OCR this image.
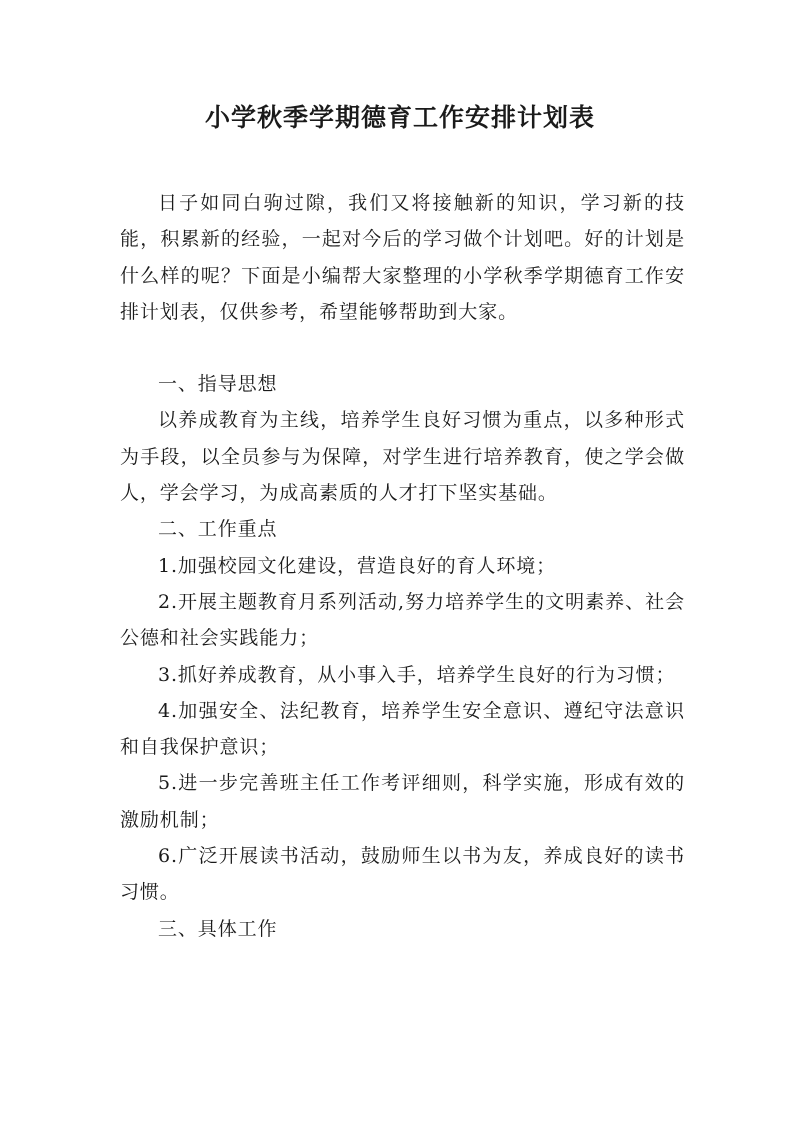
小学秋季学期德育工作安排计划表

日子如同白驹过隙，我们又将接触新的知识，学习新的技能，积累新的经验，一起对今后的学习做个计划吧。好的计划是什么样的呢？下面是小编帮大家整理的小学秋季学期德育工作安排计划表，仅供参考，希望能够帮助到大家。

一、指导思想

以养成教育为主线，培养学生良好习惯为重点，以多种形式为手段，以全员参与为保障，对学生进行培养教育，使之学会做人，学会学习，为成高素质的人才打下坚实基础。

二、工作重点

1.加强校园文化建设，营造良好的育人环境；

2.开展主题教育月系列活动,努力培养学生的文明素养、社会公德和社会实践能力；

3.抓好养成教育，从小事入手，培养学生良好的行为习惯；

4.加强安全、法纪教育，培养学生安全意识、遵纪守法意识和自我保护意识；

5.进一步完善班主任工作考评细则，科学实施，形成有效的激励机制；

6.广泛开展读书活动，鼓励师生以书为友，养成良好的读书习惯。

三、具体工作
